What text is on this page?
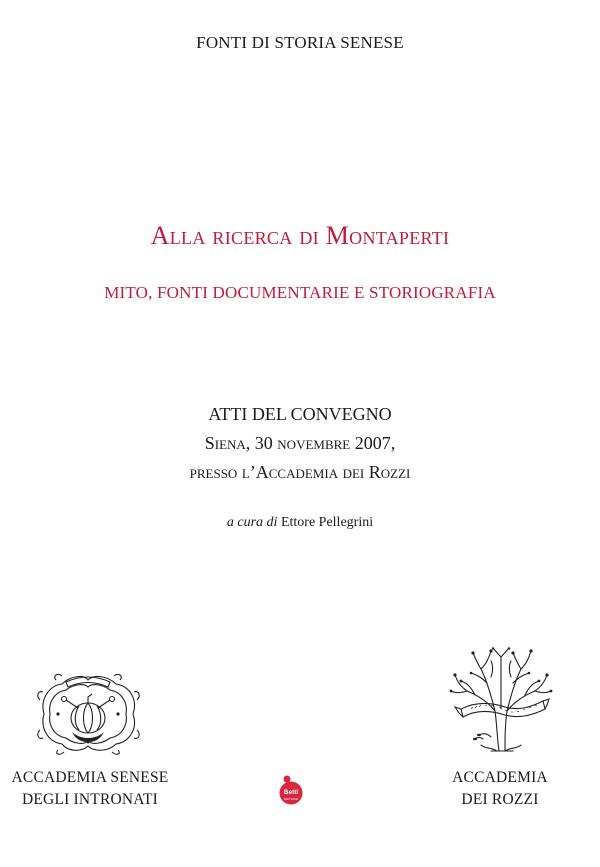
FONTI DI STORIA SENESE
Alla ricerca di Montaperti
MITO, FONTI DOCUMENTARIE E STORIOGRAFIA
ATTI DEL CONVEGNO
Siena, 30 novembre 2007,
presso l’Accademia dei Rozzi
a cura di Ettore Pellegrini
Betti
EDITRICE
ACCADEMIA SENESE
DEGLI INTRONATI
ACCADEMIA
DEI ROZZI
